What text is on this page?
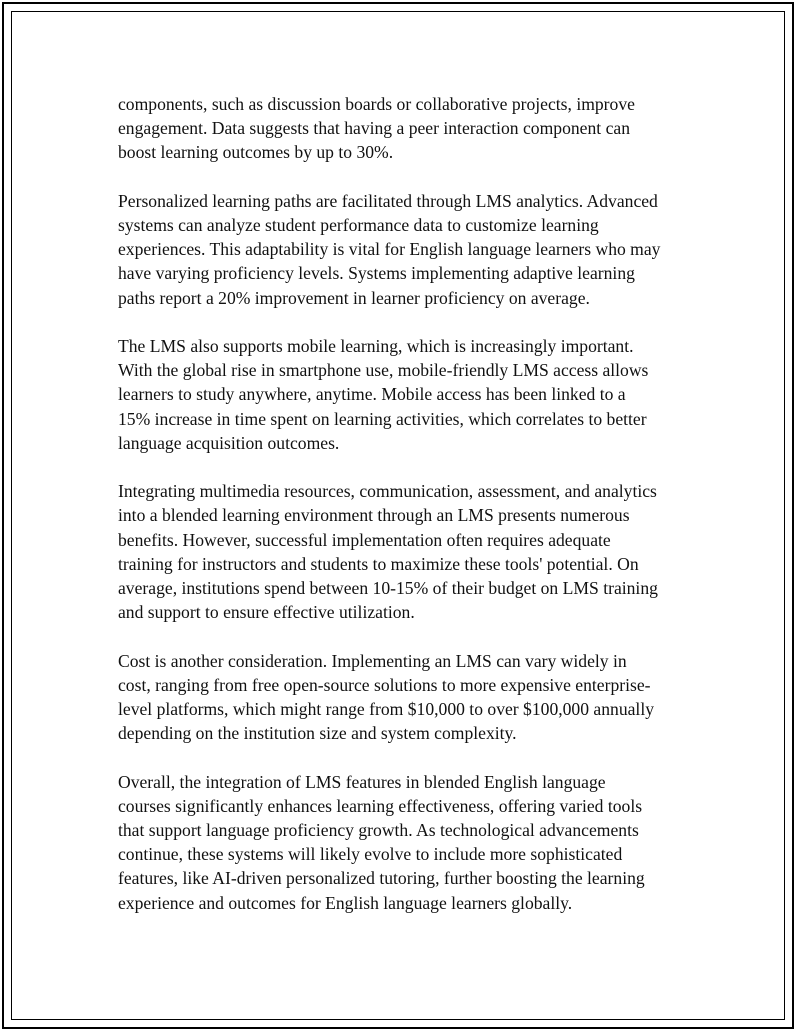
components, such as discussion boards or collaborative projects, improve
engagement. Data suggests that having a peer interaction component can
boost learning outcomes by up to 30%.

Personalized learning paths are facilitated through LMS analytics. Advanced
systems can analyze student performance data to customize learning
experiences. This adaptability is vital for English language learners who may
have varying proficiency levels. Systems implementing adaptive learning
paths report a 20% improvement in learner proficiency on average.

The LMS also supports mobile learning, which is increasingly important.
With the global rise in smartphone use, mobile-friendly LMS access allows
learners to study anywhere, anytime. Mobile access has been linked to a
15% increase in time spent on learning activities, which correlates to better
language acquisition outcomes.

Integrating multimedia resources, communication, assessment, and analytics
into a blended learning environment through an LMS presents numerous
benefits. However, successful implementation often requires adequate
training for instructors and students to maximize these tools' potential. On
average, institutions spend between 10-15% of their budget on LMS training
and support to ensure effective utilization.

Cost is another consideration. Implementing an LMS can vary widely in
cost, ranging from free open-source solutions to more expensive enterprise-
level platforms, which might range from $10,000 to over $100,000 annually
depending on the institution size and system complexity.

Overall, the integration of LMS features in blended English language
courses significantly enhances learning effectiveness, offering varied tools
that support language proficiency growth. As technological advancements
continue, these systems will likely evolve to include more sophisticated
features, like AI-driven personalized tutoring, further boosting the learning
experience and outcomes for English language learners globally.
